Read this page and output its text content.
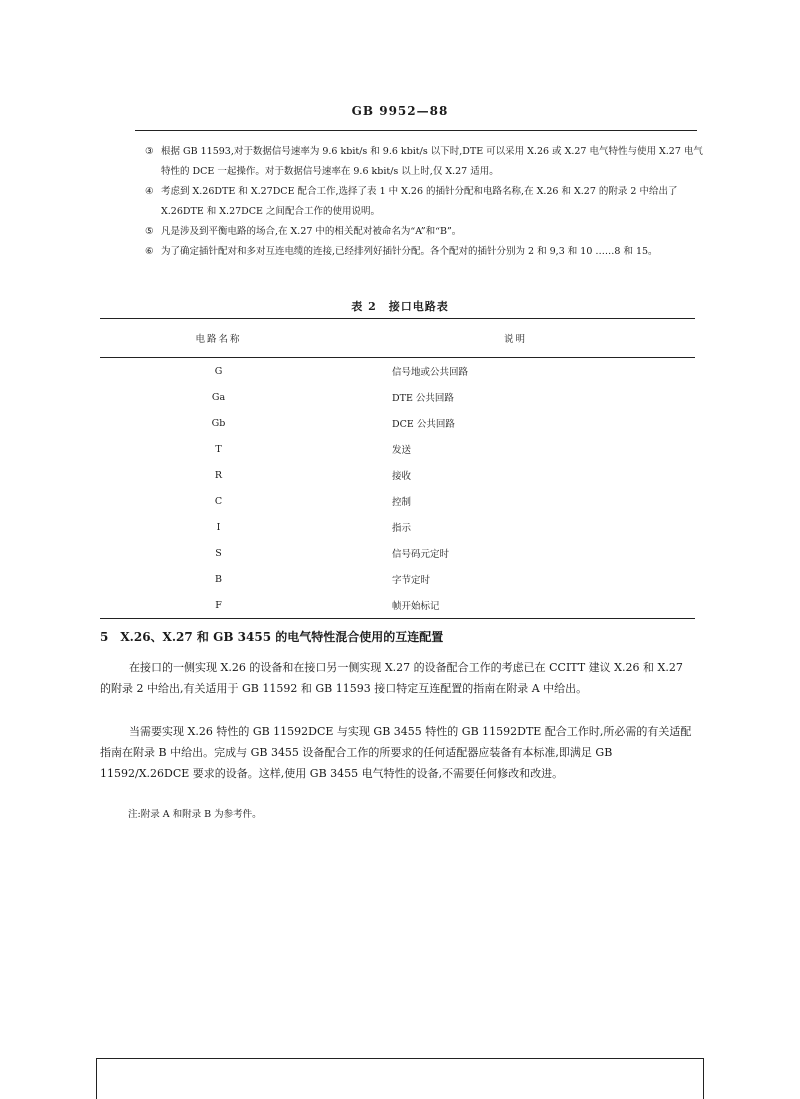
GB 9952—88

③ 根据 GB 11593,对于数据信号速率为 9.6 kbit/s 和 9.6 kbit/s 以下时,DTE 可以采用 X.26 或 X.27 电气特性与使用 X.27 电气特性的 DCE 一起操作。对于数据信号速率在 9.6 kbit/s 以上时,仅 X.27 适用。

④ 考虑到 X.26DTE 和 X.27DCE 配合工作,选择了表 1 中 X.26 的插针分配和电路名称,在 X.26 和 X.27 的附录 2 中给出了 X.26DTE 和 X.27DCE 之间配合工作的使用说明。

⑤ 凡是涉及到平衡电路的场合,在 X.27 中的相关配对被命名为“A”和“B”。

⑥ 为了确定插针配对和多对互连电缆的连接,已经排列好插针分配。各个配对的插针分别为 2 和 9,3 和 10 ……8 和 15。

表 2　接口电路表
电路名称	说明
G	信号地或公共回路
Ga	DTE 公共回路
Gb	DCE 公共回路
T	发送
R	接收
C	控制
I	指示
S	信号码元定时
B	字节定时
F	帧开始标记
5 X.26、X.27 和 GB 3455 的电气特性混合使用的互连配置

在接口的一侧实现 X.26 的设备和在接口另一侧实现 X.27 的设备配合工作的考虑已在 CCITT 建议 X.26 和 X.27 的附录 2 中给出,有关适用于 GB 11592 和 GB 11593 接口特定互连配置的指南在附录 A 中给出。

当需要实现 X.26 特性的 GB 11592DCE 与实现 GB 3455 特性的 GB 11592DTE 配合工作时,所必需的有关适配指南在附录 B 中给出。完成与 GB 3455 设备配合工作的所要求的任何适配器应装备有本标准,即满足 GB 11592/X.26DCE 要求的设备。这样,使用 GB 3455 电气特性的设备,不需要任何修改和改进。

注:附录 A 和附录 B 为参考件。
